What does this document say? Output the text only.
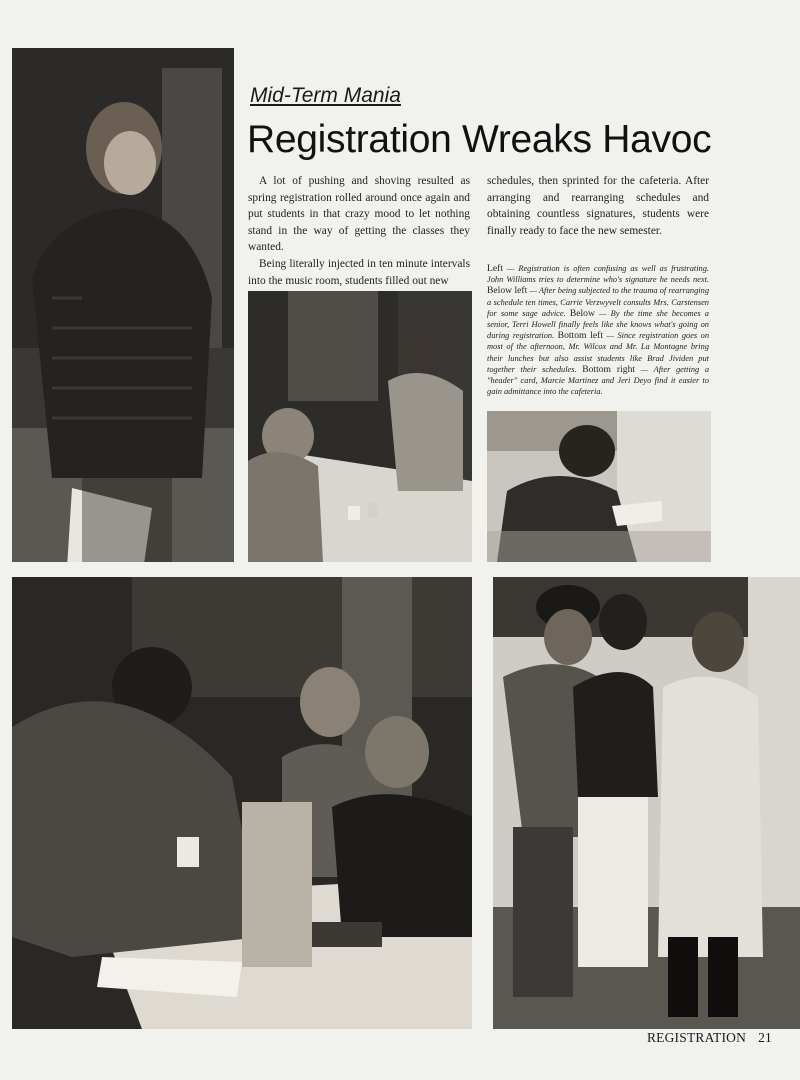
Mid-Term Mania
Registration Wreaks Havoc

A lot of pushing and shoving resulted as spring registration rolled around once again and put students in that crazy mood to let nothing stand in the way of getting the classes they wanted.

Being literally injected in ten minute intervals into the music room, students filled out new

schedules, then sprinted for the cafeteria. After arranging and rearranging schedules and obtaining countless signatures, students were finally ready to face the new semester.

Left — Registration is often confusing as well as frustrating. John Williams tries to determine who's signature he needs next. Below left — After being subjected to the trauma of rearranging a schedule ten times, Carrie Verzwyvelt consults Mrs. Carstensen for some sage advice. Below — By the time she becomes a senior, Terri Howell finally feels like she knows what's going on during registration. Bottom left — Since registration goes on most of the afternoon, Mr. Wilcox and Mr. La Montagne bring their lunches but also assist students like Brad Jividen put together their schedules. Bottom right — After getting a "header" card, Marcie Martinez and Jeri Deyo find it easier to gain admittance into the cafeteria.
REGISTRATION 21
